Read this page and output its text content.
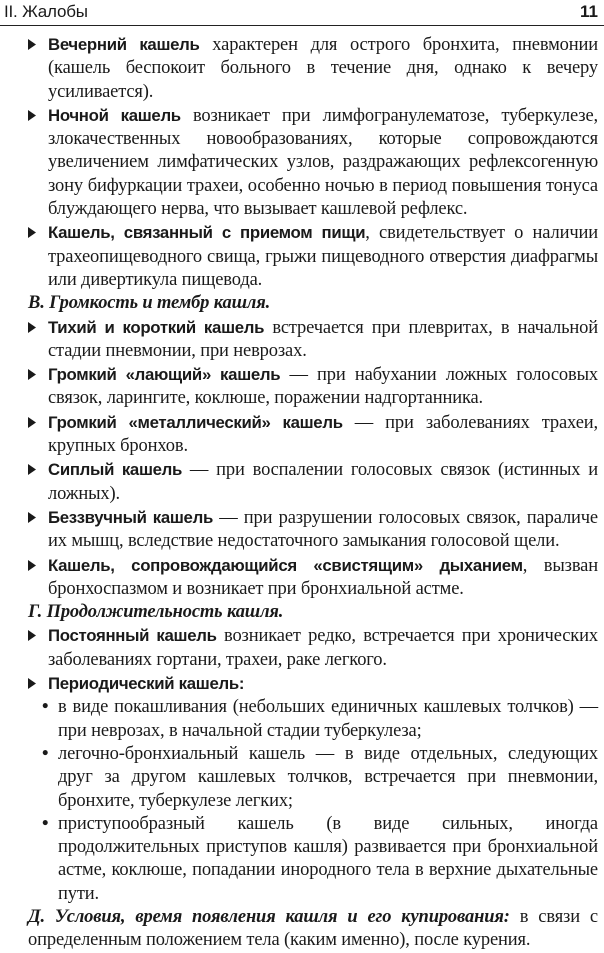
II. Жалобы	11
Вечерний кашель характерен для острого бронхита, пневмонии (кашель беспокоит больного в течение дня, однако к вечеру усиливается).
Ночной кашель возникает при лимфогранулематозе, туберкулезе, злокачественных новообразованиях, которые сопровождаются увеличением лимфатических узлов, раздражающих рефлексогенную зону бифуркации трахеи, особенно ночью в период повышения тонуса блуждающего нерва, что вызывает кашлевой рефлекс.
Кашель, связанный с приемом пищи, свидетельствует о наличии трахеопищеводного свища, грыжи пищеводного отверстия диафрагмы или дивертикула пищевода.
В. Громкость и тембр кашля.
Тихий и короткий кашель встречается при плевритах, в начальной стадии пневмонии, при неврозах.
Громкий «лающий» кашель — при набухании ложных голосовых связок, ларингите, коклюше, поражении надгортанника.
Громкий «металлический» кашель — при заболеваниях трахеи, крупных бронхов.
Сиплый кашель — при воспалении голосовых связок (истинных и ложных).
Беззвучный кашель — при разрушении голосовых связок, параличе их мышц, вследствие недостаточного замыкания голосовой щели.
Кашель, сопровождающийся «свистящим» дыханием, вызван бронхоспазмом и возникает при бронхиальной астме.
Г. Продолжительность кашля.
Постоянный кашель возникает редко, встречается при хронических заболеваниях гортани, трахеи, раке легкого.
Периодический кашель:
• в виде покашливания (небольших единичных кашлевых толчков) — при неврозах, в начальной стадии туберкулеза;
• легочно-бронхиальный кашель — в виде отдельных, следующих друг за другом кашлевых толчков, встречается при пневмонии, бронхите, туберкулезе легких;
• приступообразный кашель (в виде сильных, иногда продолжительных приступов кашля) развивается при бронхиальной астме, коклюше, попадании инородного тела в верхние дыхательные пути.
Д. Условия, время появления кашля и его купирования: в связи с определенным положением тела (каким именно), после курения.
